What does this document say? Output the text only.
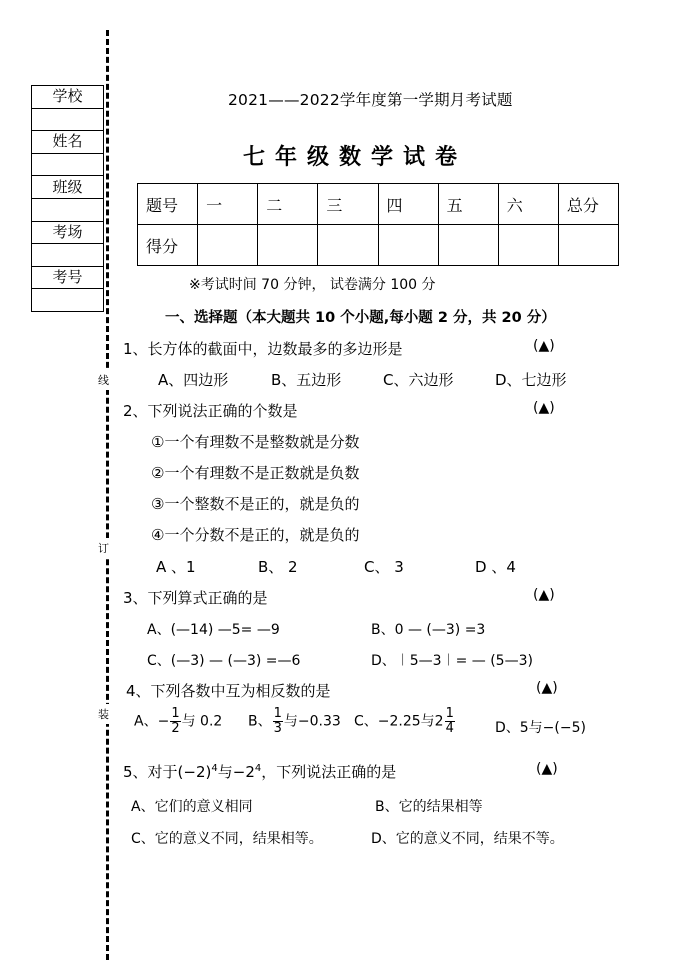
线
订
装
学校

姓名

班级

考场

考号

2021——2022学年度第一学期月考试题
七年级数学试卷
题号	一	二	三	四	五	六	总分
得分							
※考试时间 70 分钟， 试卷满分 100 分
一、选择题（本大题共 10 个小题,每小题 2 分，共 20 分）
1、长方体的截面中，边数最多的多边形是	(▲)
A、四边形	B、五边形	C、六边形	D、七边形
2、下列说法正确的个数是	(▲)
①一个有理数不是整数就是分数
②一个有理数不是正数就是负数
③一个整数不是正的，就是负的
④一个分数不是正的，就是负的
A 、1	B、 2	C、 3	D 、4
3、下列算式正确的是	(▲)
A、(—14) —5= —9	B、0 — (—3) =3
C、(—3) — (—3) =—6	D、︱5—3︱= — (5—3)
4、下列各数中互为相反数的是	(▲)
A、− $\frac{1}{2}$ 与 0.2 B、 $\frac{1}{3}$ 与−0.33 C、−2.25与$2 \frac{1}{4}$	D、5与−(−5)
5、对于$(-2)^4$与$-2^4$，下列说法正确的是	(▲)
A、它们的意义相同	B、它的结果相等
C、它的意义不同，结果相等。	D、它的意义不同，结果不等。
